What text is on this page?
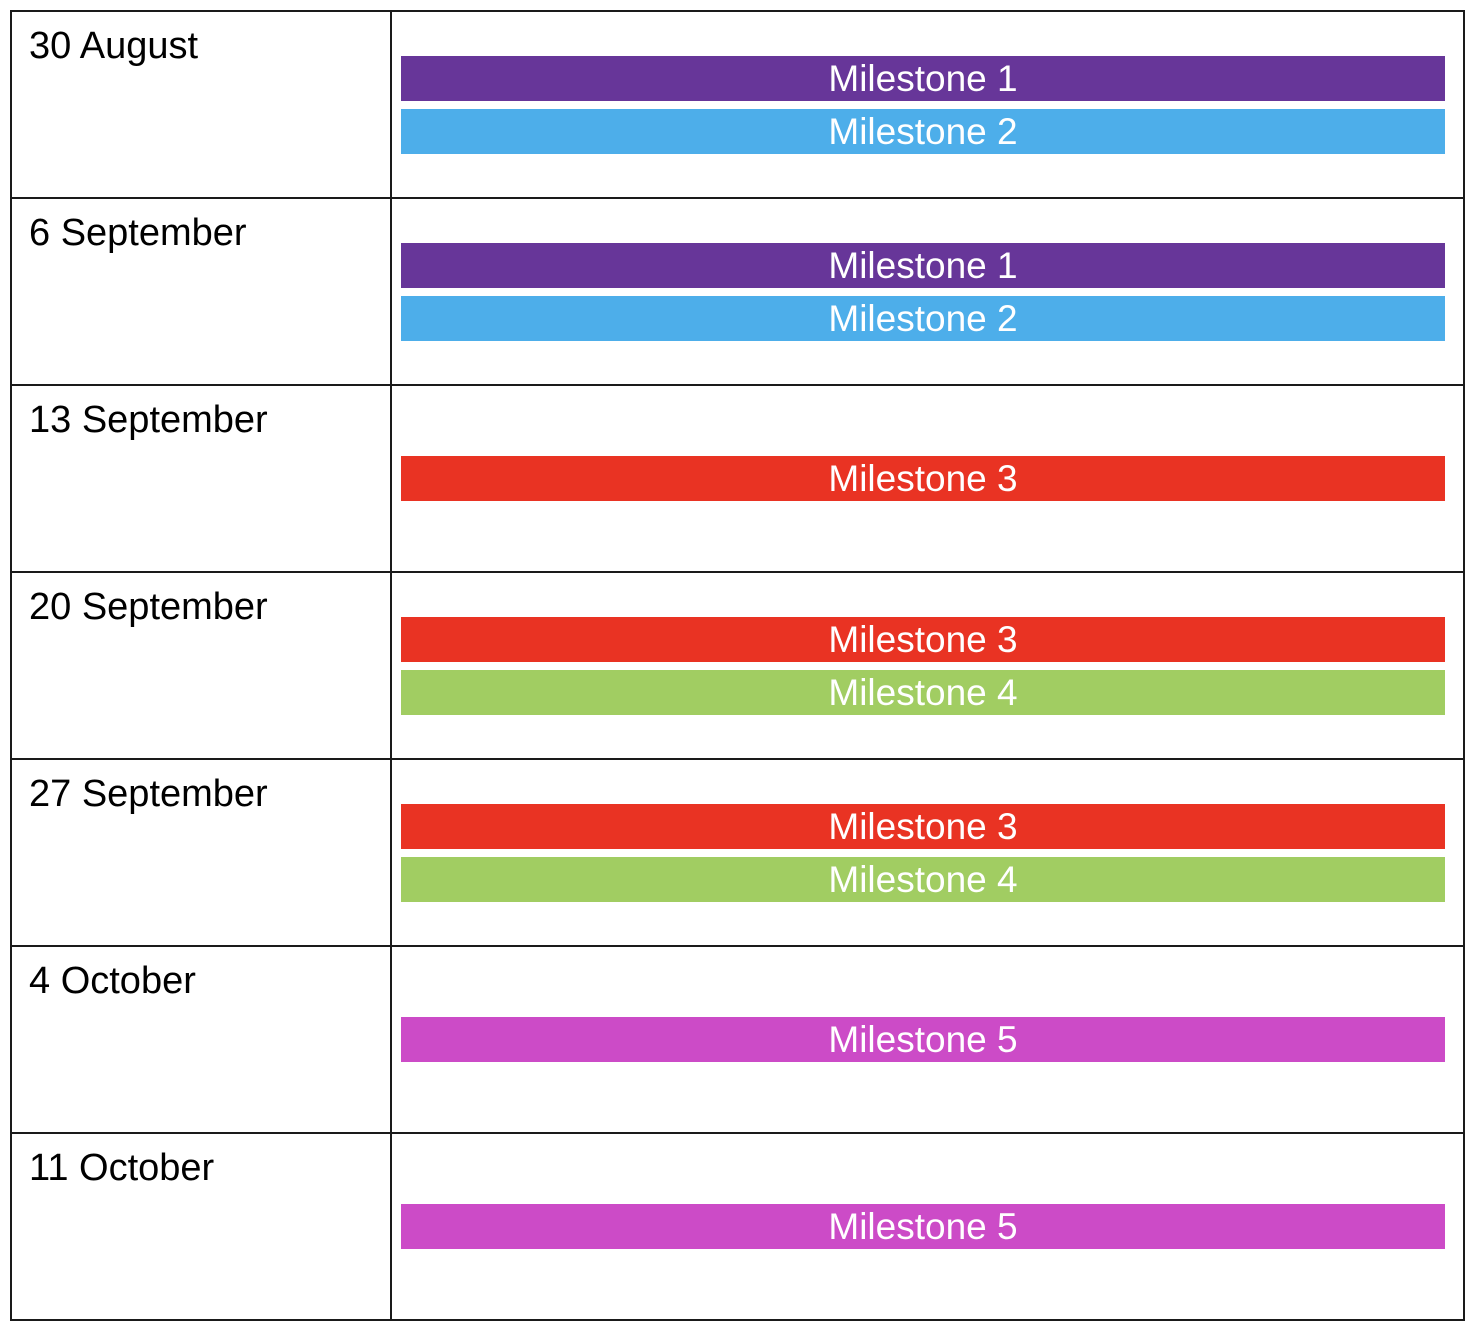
30 August	Milestone 1
Milestone 2

6 September	Milestone 1
Milestone 2

13 September	Milestone 3

20 September	Milestone 3
Milestone 4

27 September	Milestone 3
Milestone 4

4 October	Milestone 5

11 October	Milestone 5
